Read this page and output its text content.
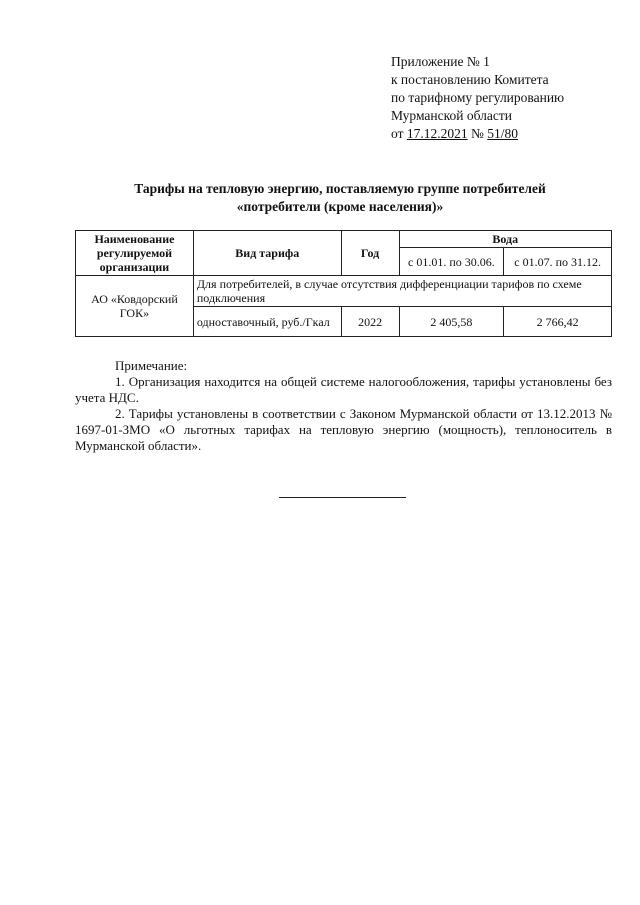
Приложение № 1
к постановлению Комитета
по тарифному регулированию
Мурманской области
от 17.12.2021 № 51/80
Тарифы на тепловую энергию, поставляемую группе потребителей
«потребители (кроме населения)»
Наименование регулируемой организации	Вид тарифа	Год	Вода	
			с 01.01. по 30.06.	с 01.07. по 31.12.
АО «Ковдорский ГОК»	Для потребителей, в случае отсутствия дифференциации тарифов по схеме подключения			
	одноставочный, руб./Гкал	2022	2 405,58	2 766,42

Примечание:

1. Организация находится на общей системе налогообложения, тарифы установлены без учета НДС.

2. Тарифы установлены в соответствии с Законом Мурманской области от 13.12.2013 № 1697-01-ЗМО «О льготных тарифах на тепловую энергию (мощность), теплоноситель в Мурманской области».
